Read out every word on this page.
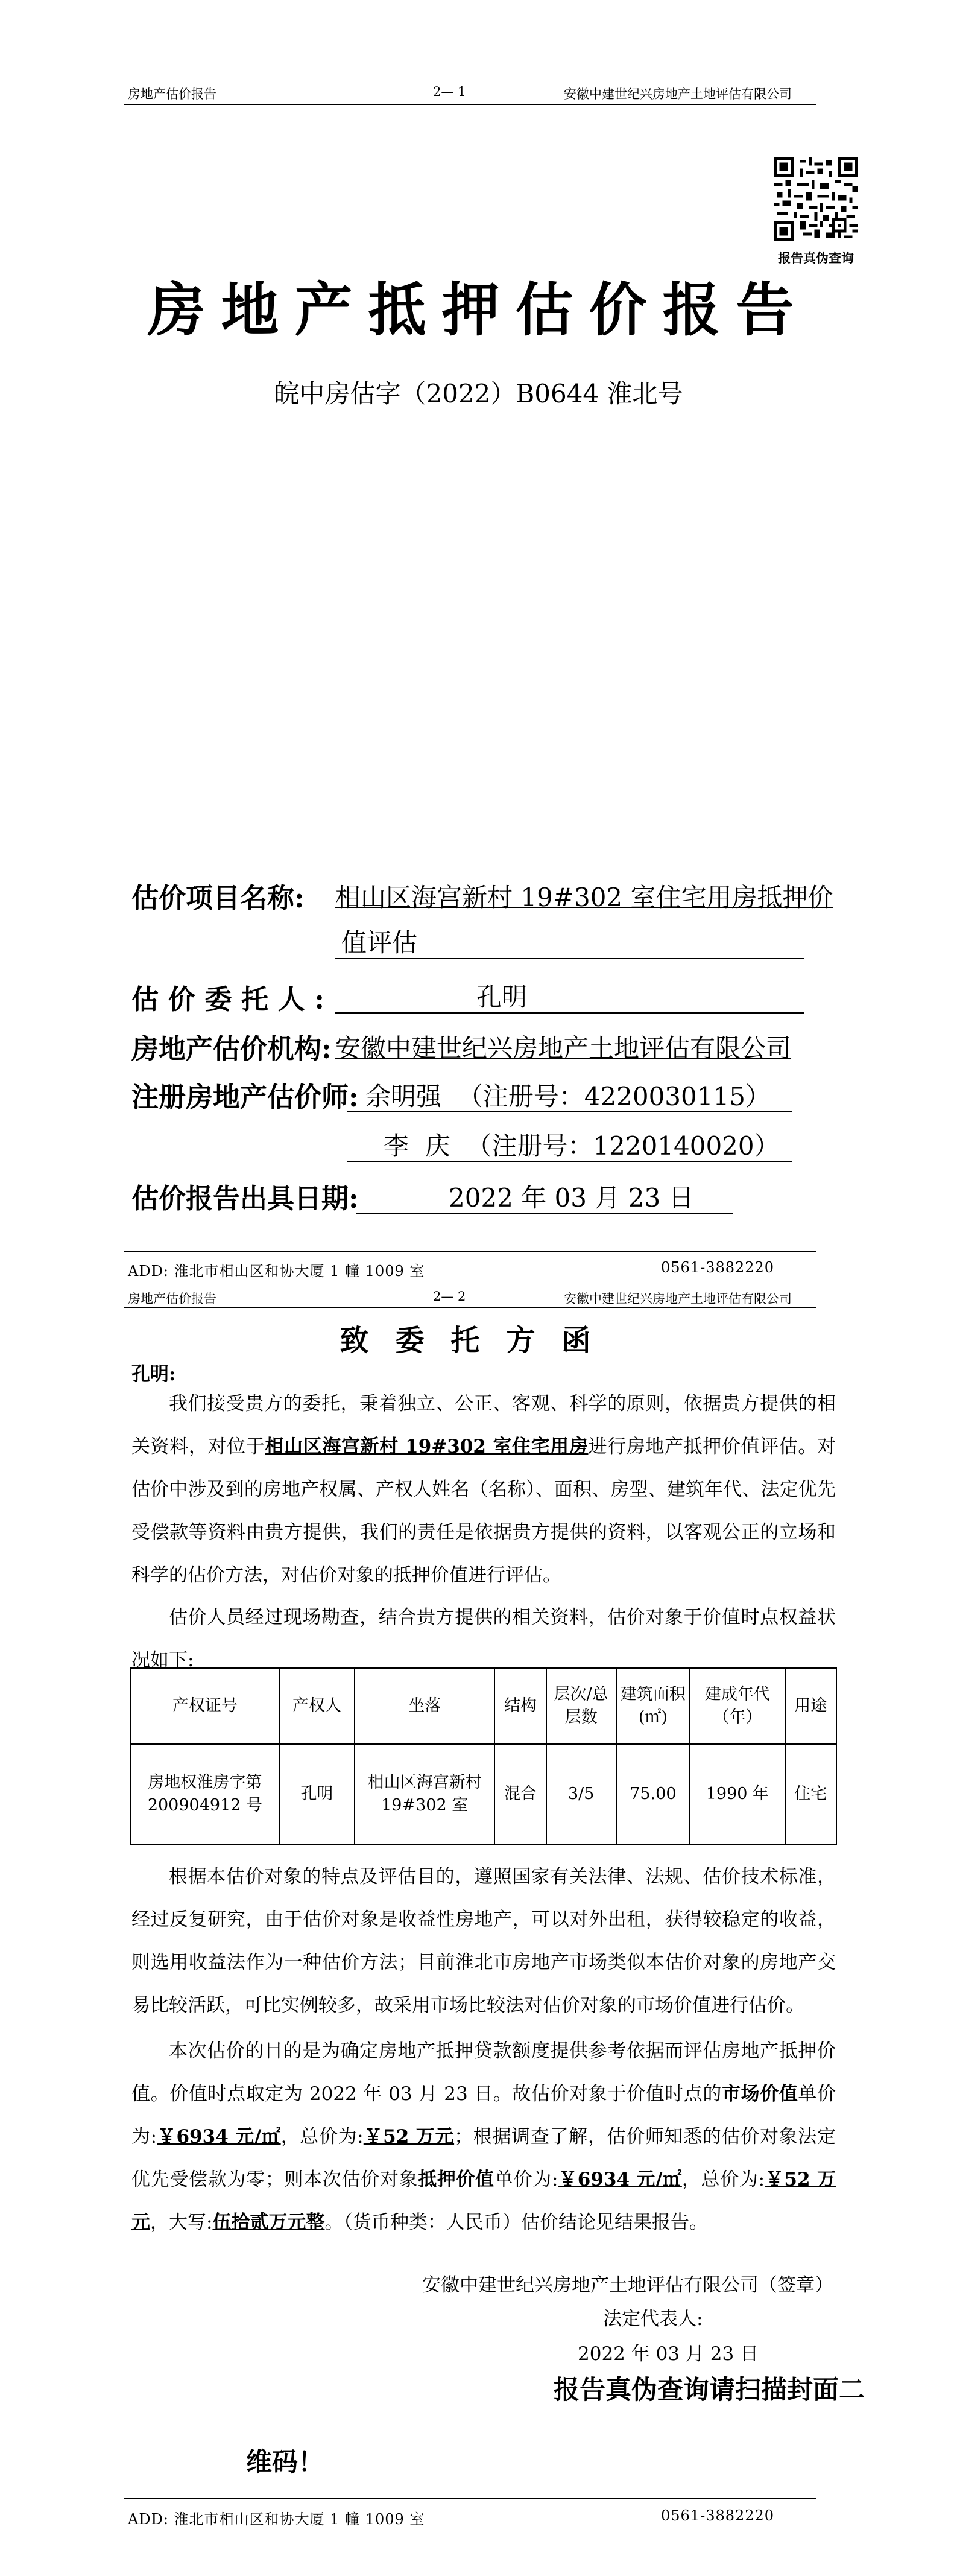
房地产估价报告	2— 1	安徽中建世纪兴房地产土地评估有限公司
报告真伪查询
房地产抵押估价报告
皖中房估字（2022）B0644 淮北号
估价项目名称: 相山区海宫新村 19#302 室住宅用房抵押价
值评估
估 价 委 托 人 :	孔明
房地产估价机构: 安徽中建世纪兴房地产土地评估有限公司
注册房地产估价师: 余明强  （注册号：4220030115）
李  庆  （注册号：1220140020）
估价报告出具日期:	2022 年 03 月 23 日
ADD: 淮北市相山区和协大厦 1 幢 1009 室	0561-3882220
房地产估价报告	2— 2	安徽中建世纪兴房地产土地评估有限公司
致委托方函
孔明:
我们接受贵方的委托，秉着独立、公正、客观、科学的原则，依据贵方提供的相关资料，对位于相山区海宫新村 19#302 室住宅用房进行房地产抵押价值评估。对估价中涉及到的房地产权属、产权人姓名（名称）、面积、房型、建筑年代、法定优先受偿款等资料由贵方提供，我们的责任是依据贵方提供的资料，以客观公正的立场和科学的估价方法，对估价对象的抵押价值进行评估。
估价人员经过现场勘查，结合贵方提供的相关资料，估价对象于价值时点权益状况如下:
产权证号	产权人	坐落	结构	层次/总层数	建筑面积(㎡)	建成年代（年）	用途
房地权淮房字第200904912 号	孔明	相山区海宫新村19#302 室	混合	3/5	75.00	1990 年	住宅
根据本估价对象的特点及评估目的，遵照国家有关法律、法规、估价技术标准，经过反复研究，由于估价对象是收益性房地产，可以对外出租，获得较稳定的收益，则选用收益法作为一种估价方法；目前淮北市房地产市场类似本估价对象的房地产交易比较活跃，可比实例较多，故采用市场比较法对估价对象的市场价值进行估价。
本次估价的目的是为确定房地产抵押贷款额度提供参考依据而评估房地产抵押价值。价值时点取定为 2022 年 03 月 23 日。故估价对象于价值时点的市场价值单价为:￥6934 元/㎡，总价为:￥52 万元；根据调查了解，估价师知悉的估价对象法定优先受偿款为零；则本次估价对象抵押价值单价为:￥6934 元/㎡，总价为:￥52 万元，大写:伍拾贰万元整。（货币种类：人民币）估价结论见结果报告。
安徽中建世纪兴房地产土地评估有限公司（签章）
法定代表人:
2022 年 03 月 23 日
报告真伪查询请扫描封面二
维码！
ADD: 淮北市相山区和协大厦 1 幢 1009 室	0561-3882220
